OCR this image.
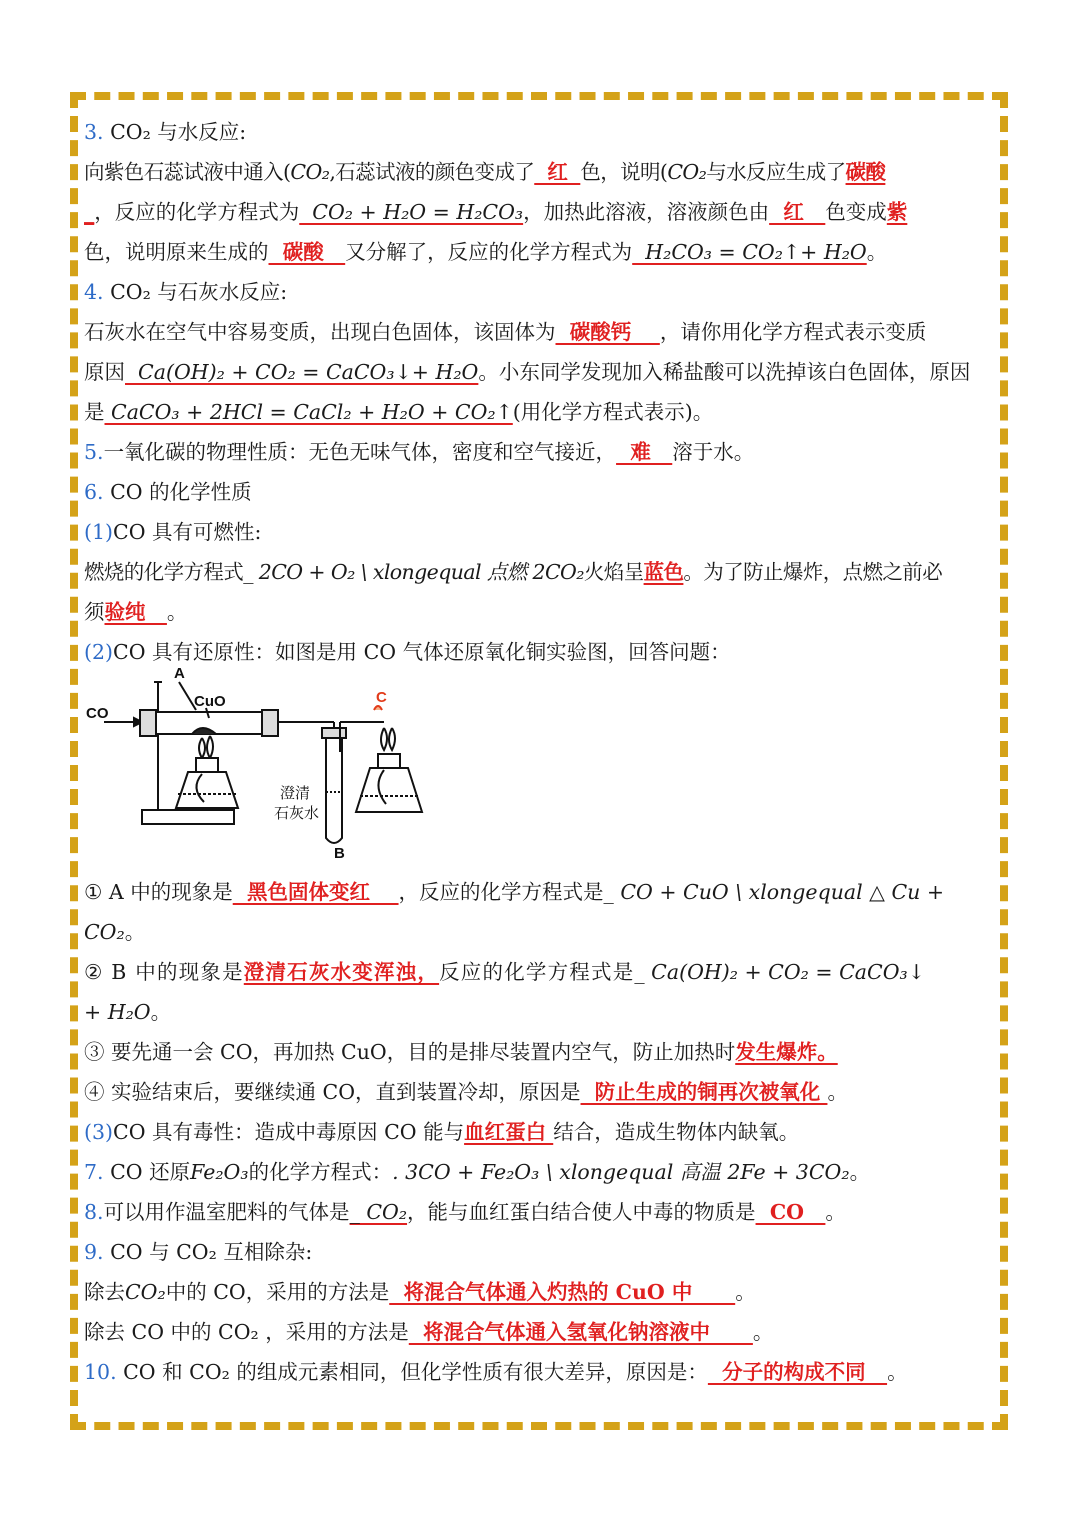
3. CO₂ 与水反应:
向紫色石蕊试液中通入(CO₂,石蕊试液的颜色变成了  红  色，说明(CO₂与水反应生成了碳酸
_，反应的化学方程式为  CO₂ + H₂O = H₂CO₃，加热此溶液，溶液颜色由  红   色变成紫
色，说明原来生成的  碳酸   又分解了，反应的化学方程式为  H₂CO₃ = CO₂↑+ H₂O。
4. CO₂ 与石灰水反应:
石灰水在空气中容易变质，出现白色固体，该固体为  碳酸钙    ，请你用化学方程式表示变质
原因  Ca(OH)₂ + CO₂ = CaCO₃↓+ H₂O。小东同学发现加入稀盐酸可以洗掉该白色固体，原因
是 CaCO₃ + 2HCl = CaCl₂ + H₂O + CO₂↑(用化学方程式表示)。
5.一氧化碳的物理性质：无色无味气体，密度和空气接近，  难   溶于水。
6. CO 的化学性质
(1)CO 具有可燃性:
燃烧的化学方程式_ 2CO + O₂ \ xlongequal 点燃 2CO₂火焰呈蓝色。为了防止爆炸，点燃之前必
须验纯   。
(2)CO 具有还原性：如图是用 CO 气体还原氧化铜实验图，回答问题：
① A 中的现象是  黑色固体变红    ，反应的化学方程式是_ CO + CuO \ xlongequal △ Cu +
CO₂。
② B 中的现象是澄清石灰水变浑浊，反应的化学方程式是_ Ca(OH)₂ + CO₂ = CaCO₃↓
+ H₂O。
③ 要先通一会 CO，再加热 CuO，目的是排尽装置内空气，防止加热时发生爆炸。
④ 实验结束后，要继续通 CO，直到装置冷却，原因是  防止生成的铜再次被氧化 。
(3)CO 具有毒性：造成中毒原因 CO 能与血红蛋白 结合，造成生物体内缺氧。
7. CO 还原Fe₂O₃的化学方程式：. 3CO + Fe₂O₃ \ xlongequal 高温 2Fe + 3CO₂。
8.可以用作温室肥料的气体是_ CO₂，能与血红蛋白结合使人中毒的物质是  CO   。
9. CO 与 CO₂ 互相除杂:
除去CO₂中的 CO，采用的方法是  将混合气体通入灼热的 CuO 中      。
除去 CO 中的 CO₂ ，采用的方法是  将混合气体通入氢氧化钠溶液中      。
10. CO 和 CO₂ 的组成元素相同，但化学性质有很大差异，原因是：  分子的构成不同   。
CO
A
CuO	C
B
澄清
石灰水
